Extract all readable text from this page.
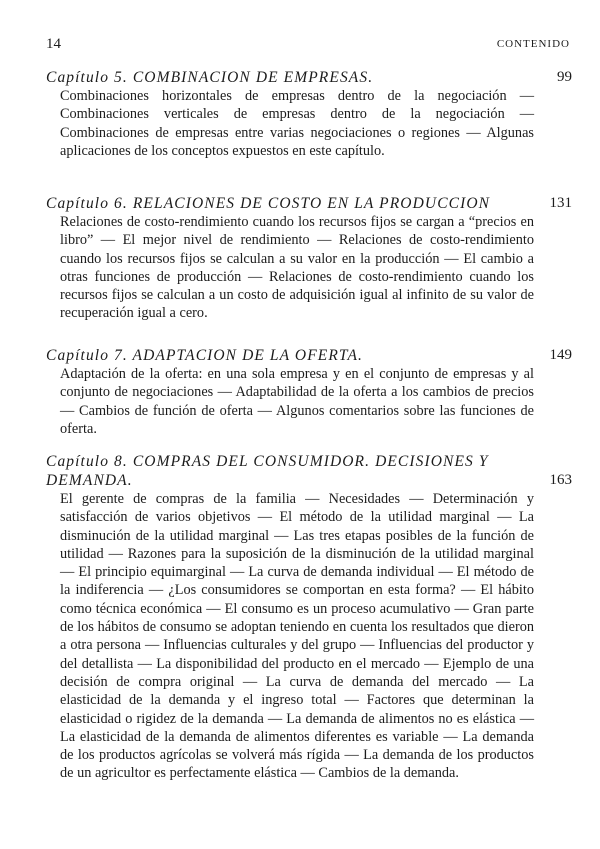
14	CONTENIDO
Capítulo 5. COMBINACION DE EMPRESAS.	99

Combinaciones horizontales de empresas dentro de la negociación — Combinaciones verticales de empresas dentro de la negociación — Combinaciones de empresas entre varias negociaciones o regiones — Algunas aplicaciones de los conceptos expuestos en este capítulo.

Capítulo 6. RELACIONES DE COSTO EN LA PRODUCCION	131

Relaciones de costo-rendimiento cuando los recursos fijos se cargan a “precios en libro” — El mejor nivel de rendimiento — Relaciones de costo-rendimiento cuando los recursos fijos se calculan a su valor en la producción — El cambio a otras funciones de producción — Relaciones de costo-rendimiento cuando los recursos fijos se calculan a un costo de adquisición igual al infinito de su valor de recuperación igual a cero.

Capítulo 7. ADAPTACION DE LA OFERTA.	149

Adaptación de la oferta: en una sola empresa y en el conjunto de empresas y al conjunto de negociaciones — Adaptabilidad de la oferta a los cambios de precios — Cambios de función de oferta — Algunos comentarios sobre las funciones de oferta.

Capítulo 8. COMPRAS DEL CONSUMIDOR. DECISIONES Y DEMANDA.	163

El gerente de compras de la familia — Necesidades — Determinación y satisfacción de varios objetivos — El método de la utilidad marginal — La disminución de la utilidad marginal — Las tres etapas posibles de la función de utilidad — Razones para la suposición de la disminución de la utilidad marginal — El principio equimarginal — La curva de demanda individual — El método de la indiferencia — ¿Los consumidores se comportan en esta forma? — El hábito como técnica económica — El consumo es un proceso acumulativo — Gran parte de los hábitos de consumo se adoptan teniendo en cuenta los resultados que dieron a otra persona — Influencias culturales y del grupo — Influencias del productor y del detallista — La disponibilidad del producto en el mercado — Ejemplo de una decisión de compra original — La curva de demanda del mercado — La elasticidad de la demanda y el ingreso total — Factores que determinan la elasticidad o rigidez de la demanda — La demanda de alimentos no es elástica — La elasticidad de la demanda de alimentos diferentes es variable — La demanda de los productos agrícolas se volverá más rígida — La demanda de los productos de un agricultor es perfectamente elástica — Cambios de la demanda.
